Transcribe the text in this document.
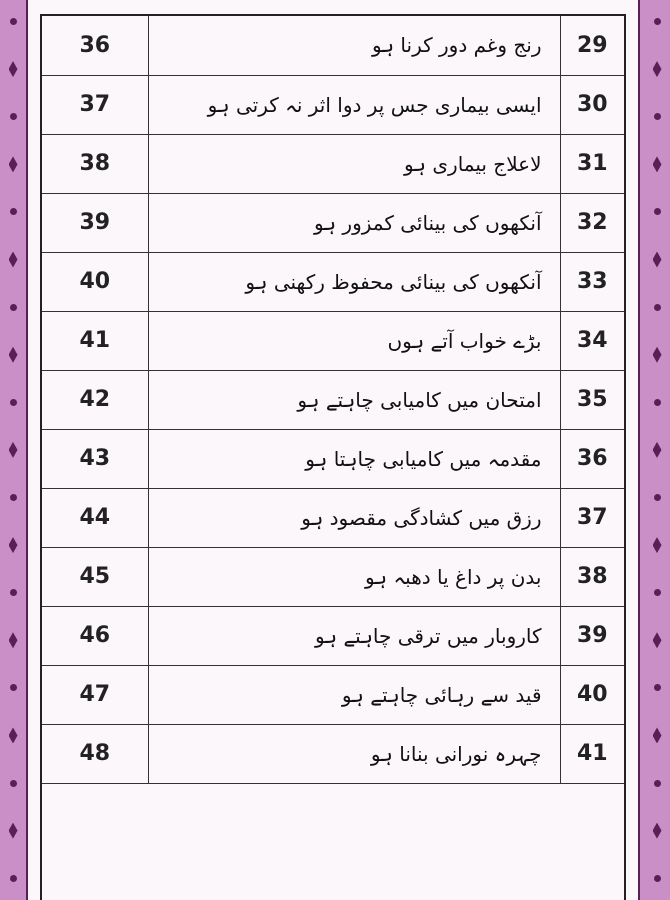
36	رنج وغم دور کرنا ہو	29
37	ایسی بیماری جس پر دوا اثر نہ کرتی ہو	30
38	لاعلاج بیماری ہو	31
39	آنکھوں کی بینائی کمزور ہو	32
40	آنکھوں کی بینائی محفوظ رکھنی ہو	33
41	بڑے خواب آتے ہوں	34
42	امتحان میں کامیابی چاہتے ہو	35
43	مقدمہ میں کامیابی چاہتا ہو	36
44	رزق میں کشادگی مقصود ہو	37
45	بدن پر داغ یا دھبہ ہو	38
46	کاروبار میں ترقی چاہتے ہو	39
47	قید سے رہائی چاہتے ہو	40
48	چہرہ نورانی بنانا ہو	41
